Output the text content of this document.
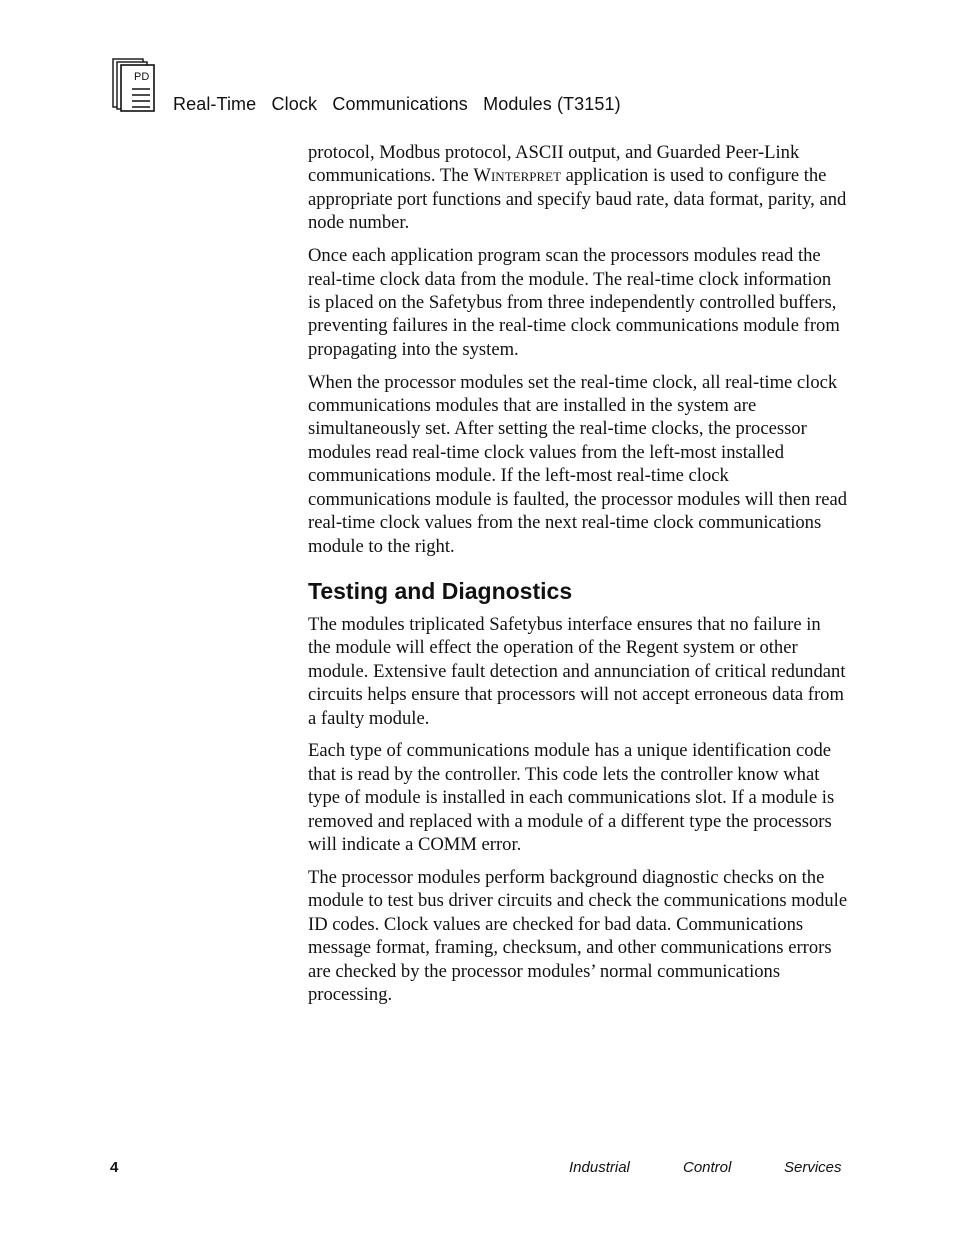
PD
Real-Time   Clock   Communications   Modules (T3151)

protocol, Modbus protocol, ASCII output, and Guarded Peer-Link communications. The Winterpret application is used to configure the appropriate port functions and specify baud rate, data format, parity, and node number.

Once each application program scan the processors modules read the real-time clock data from the module. The real-time clock information is placed on the Safetybus from three independently controlled buffers, preventing failures in the real-time clock communications module from propagating into the system.

When the processor modules set the real-time clock, all real-time clock communications modules that are installed in the system are simultaneously set. After setting the real-time clocks, the processor modules read real-time clock values from the left-most installed communications module. If the left-most real-time clock communications module is faulted, the processor modules will then read real-time clock values from the next real-time clock communications module to the right.

Testing and Diagnostics

The modules triplicated Safetybus interface ensures that no failure in the module will effect the operation of the Regent system or other module. Extensive fault detection and annunciation of critical redundant circuits helps ensure that processors will not accept erroneous data from a faulty module.

Each type of communications module has a unique identification code that is read by the controller. This code lets the controller know what type of module is installed in each communications slot. If a module is removed and replaced with a module of a different type the processors will indicate a COMM error.

The processor modules perform background diagnostic checks on the module to test bus driver circuits and check the communications module ID codes. Clock values are checked for bad data. Communications message format, framing, checksum, and other communications errors are checked by the processor modules’ normal communications processing.

4	Industrial	Control	Services
